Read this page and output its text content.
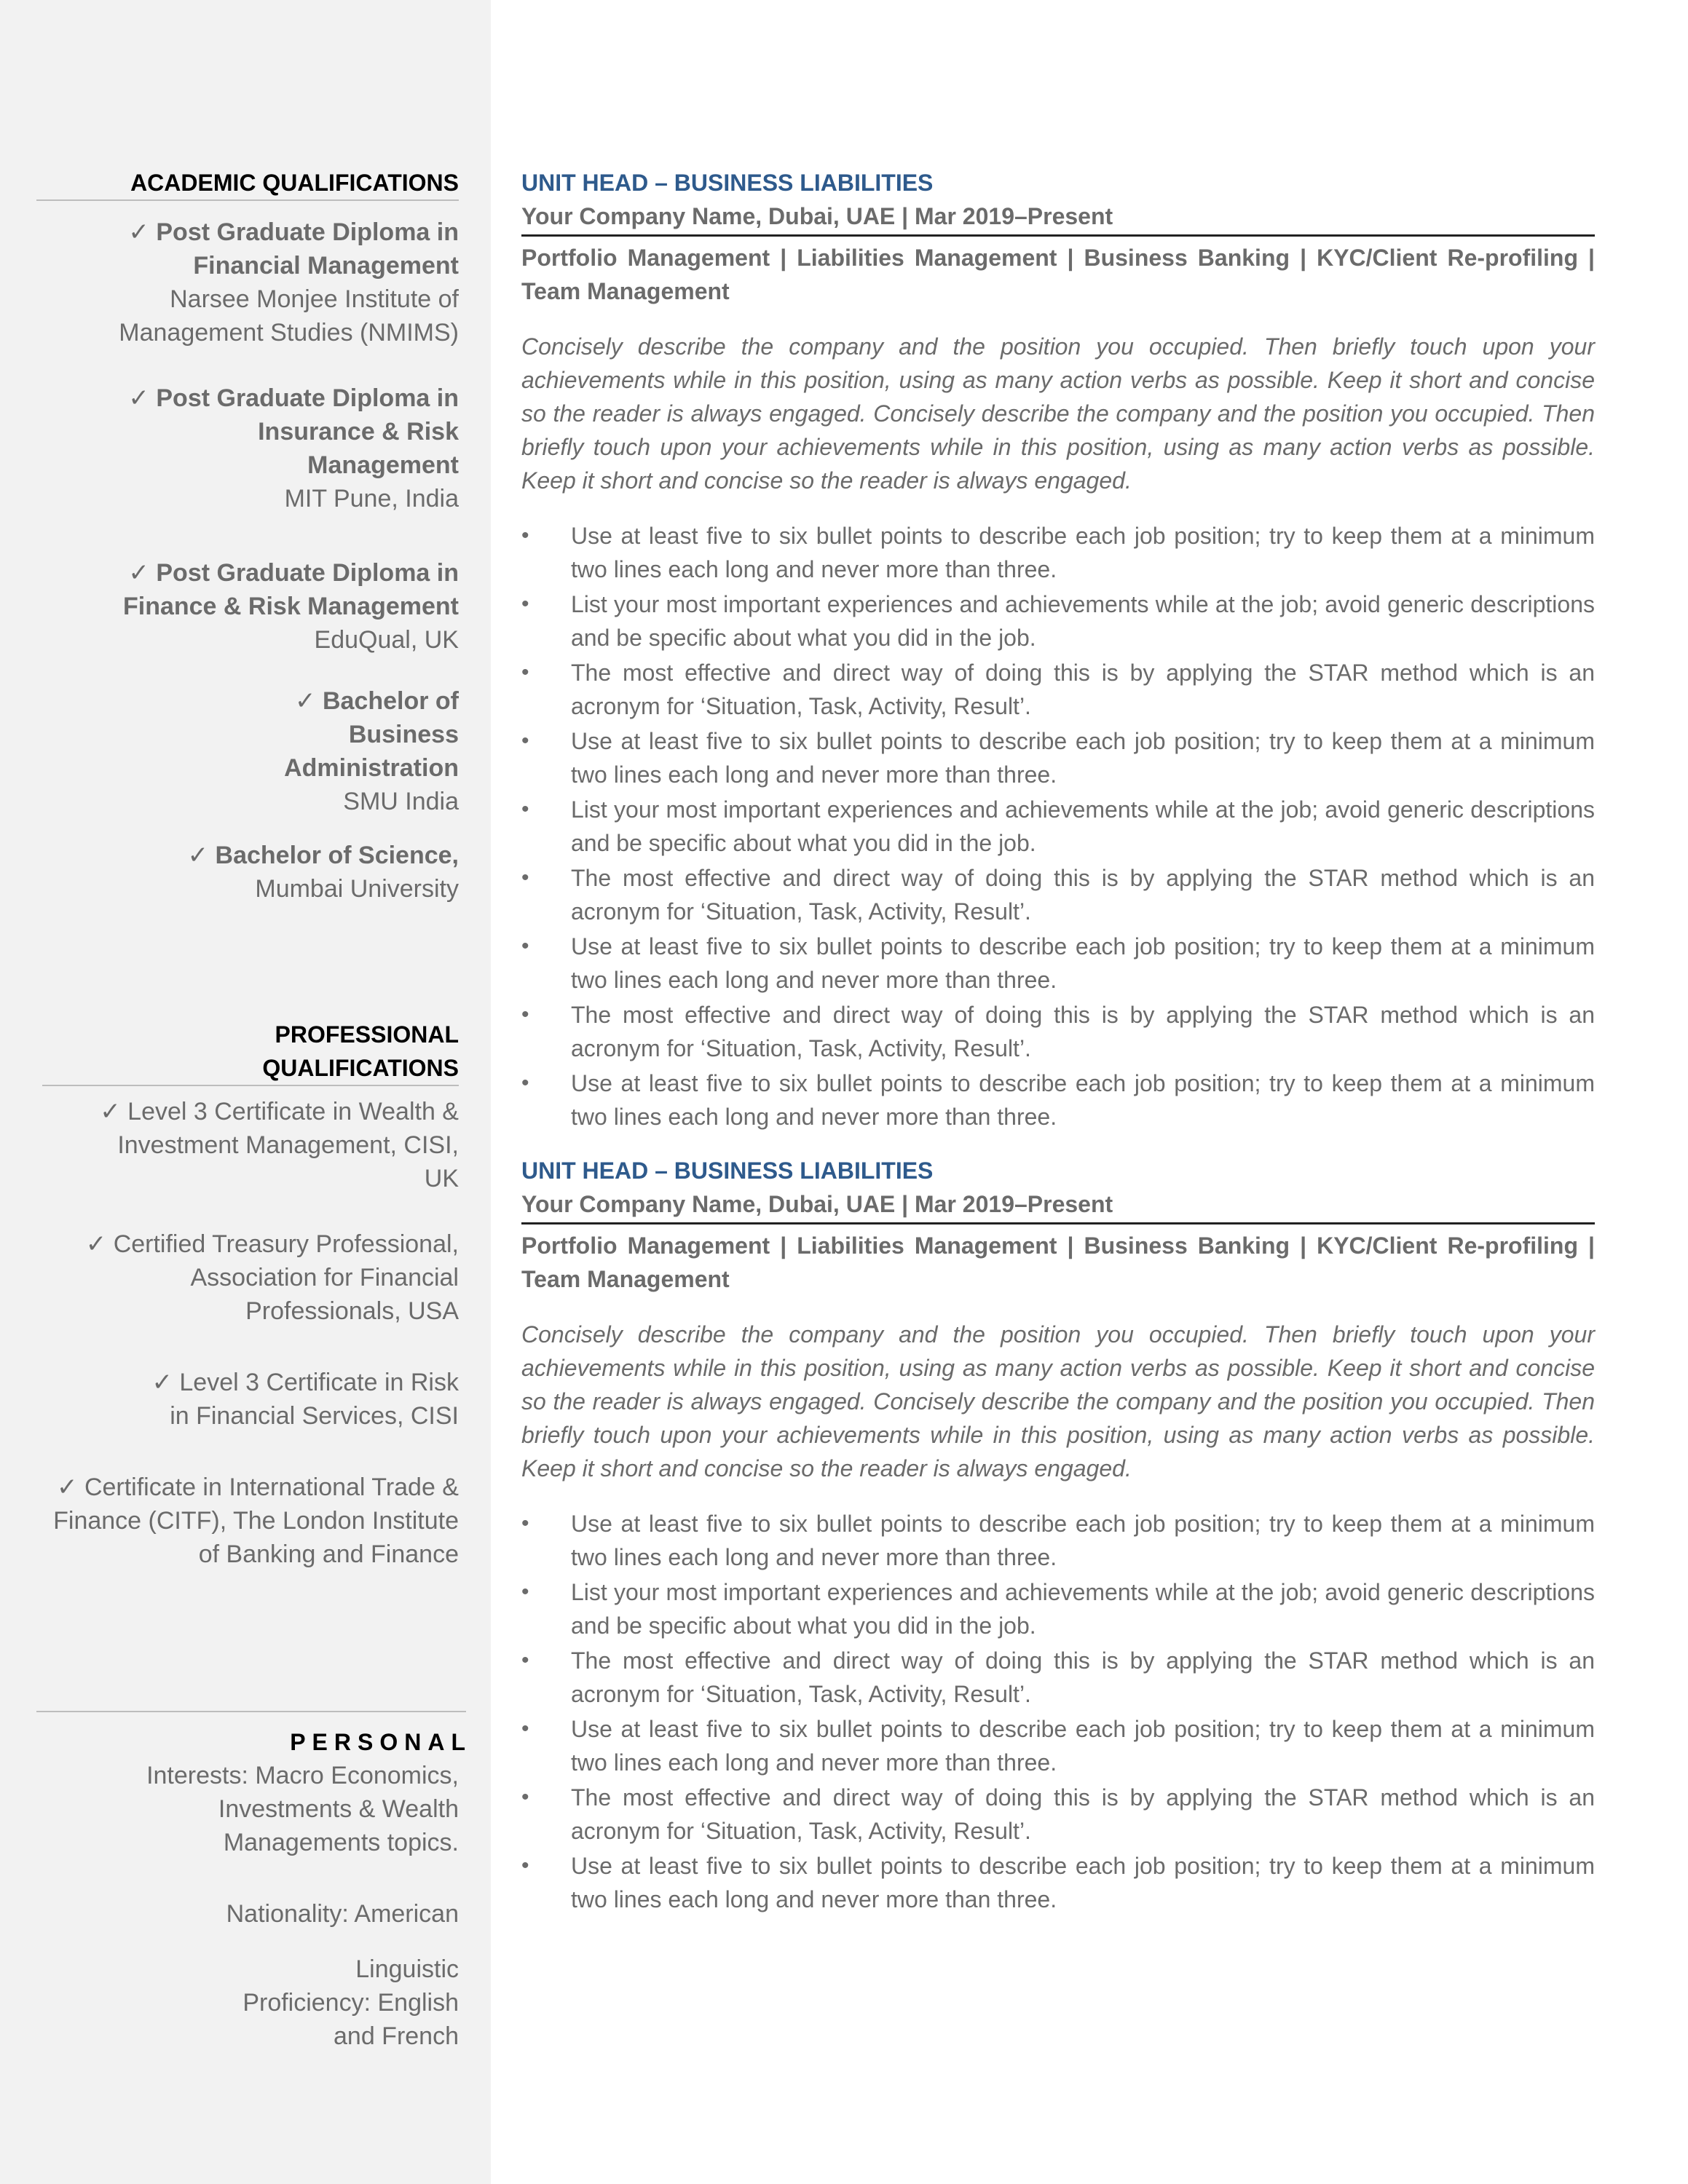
ACADEMIC QUALIFICATIONS
✓ Post Graduate Diploma in Financial Management
Narsee Monjee Institute of Management Studies (NMIMS)
✓ Post Graduate Diploma in Insurance & Risk Management
MIT Pune, India
✓ Post Graduate Diploma in Finance & Risk Management
EduQual, UK
✓ Bachelor of Business Administration
SMU India
✓ Bachelor of Science,
Mumbai University
PROFESSIONAL QUALIFICATIONS
✓ Level 3 Certificate in Wealth & Investment Management, CISI, UK
✓ Certified Treasury Professional, Association for Financial Professionals, USA
✓ Level 3 Certificate in Risk in Financial Services, CISI
✓ Certificate in International Trade & Finance (CITF), The London Institute of Banking and Finance
PERSONAL
Interests: Macro Economics, Investments & Wealth Managements topics.
Nationality: American
Linguistic Proficiency: English and French
UNIT HEAD – BUSINESS LIABILITIES
Your Company Name, Dubai, UAE | Mar 2019–Present
Portfolio Management | Liabilities Management | Business Banking | KYC/Client Re-profiling | Team Management
Concisely describe the company and the position you occupied. Then briefly touch upon your achievements while in this position, using as many action verbs as possible. Keep it short and concise so the reader is always engaged. Concisely describe the company and the position you occupied. Then briefly touch upon your achievements while in this position, using as many action verbs as possible. Keep it short and concise so the reader is always engaged.
• Use at least five to six bullet points to describe each job position; try to keep them at a minimum two lines each long and never more than three.
• List your most important experiences and achievements while at the job; avoid generic descriptions and be specific about what you did in the job.
• The most effective and direct way of doing this is by applying the STAR method which is an acronym for ‘Situation, Task, Activity, Result’.
• Use at least five to six bullet points to describe each job position; try to keep them at a minimum two lines each long and never more than three.
• List your most important experiences and achievements while at the job; avoid generic descriptions and be specific about what you did in the job.
• The most effective and direct way of doing this is by applying the STAR method which is an acronym for ‘Situation, Task, Activity, Result’.
• Use at least five to six bullet points to describe each job position; try to keep them at a minimum two lines each long and never more than three.
• The most effective and direct way of doing this is by applying the STAR method which is an acronym for ‘Situation, Task, Activity, Result’.
• Use at least five to six bullet points to describe each job position; try to keep them at a minimum two lines each long and never more than three.
UNIT HEAD – BUSINESS LIABILITIES
Your Company Name, Dubai, UAE | Mar 2019–Present
Portfolio Management | Liabilities Management | Business Banking | KYC/Client Re-profiling | Team Management
Concisely describe the company and the position you occupied. Then briefly touch upon your achievements while in this position, using as many action verbs as possible. Keep it short and concise so the reader is always engaged. Concisely describe the company and the position you occupied. Then briefly touch upon your achievements while in this position, using as many action verbs as possible. Keep it short and concise so the reader is always engaged.
• Use at least five to six bullet points to describe each job position; try to keep them at a minimum two lines each long and never more than three.
• List your most important experiences and achievements while at the job; avoid generic descriptions and be specific about what you did in the job.
• The most effective and direct way of doing this is by applying the STAR method which is an acronym for ‘Situation, Task, Activity, Result’.
• Use at least five to six bullet points to describe each job position; try to keep them at a minimum two lines each long and never more than three.
• The most effective and direct way of doing this is by applying the STAR method which is an acronym for ‘Situation, Task, Activity, Result’.
• Use at least five to six bullet points to describe each job position; try to keep them at a minimum two lines each long and never more than three.
